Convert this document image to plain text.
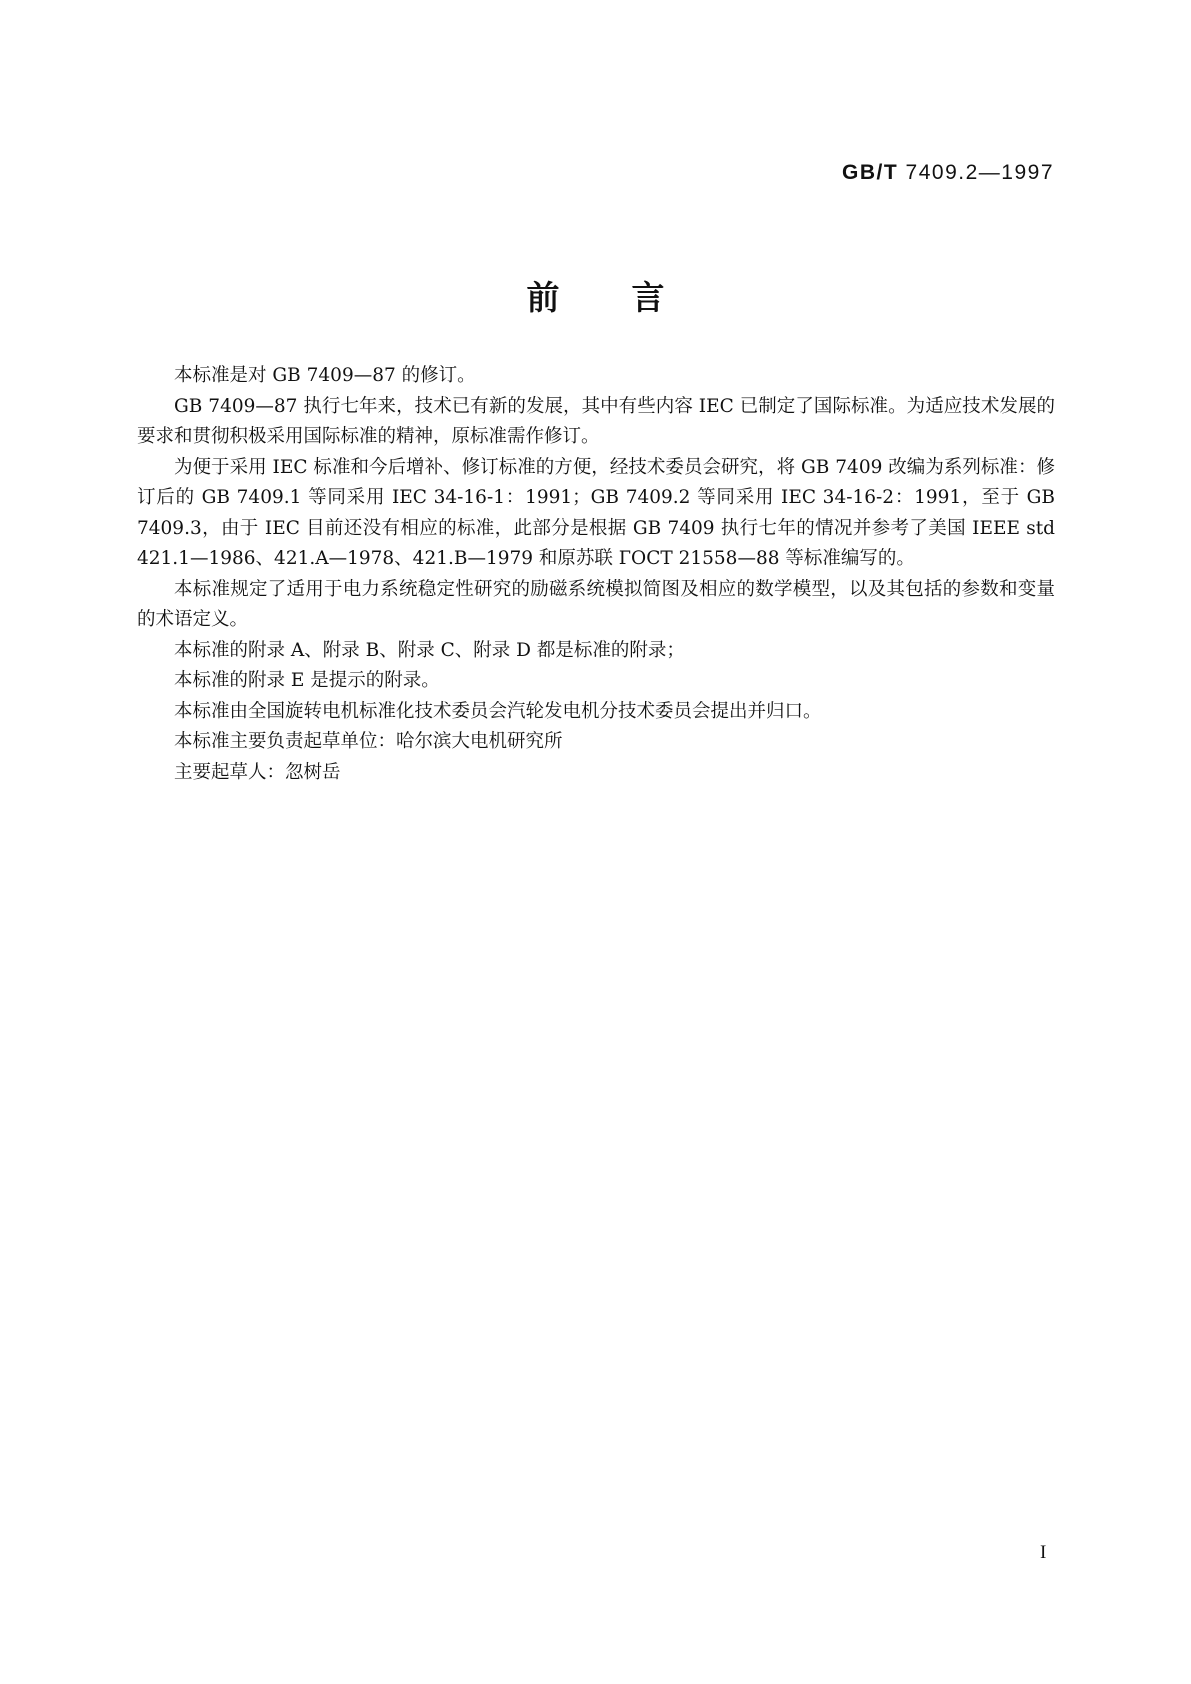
GB/T 7409.2—1997
前言

本标准是对 GB 7409—87 的修订。

GB 7409—87 执行七年来，技术已有新的发展，其中有些内容 IEC 已制定了国际标准。为适应技术发展的要求和贯彻积极采用国际标准的精神，原标准需作修订。

为便于采用 IEC 标准和今后增补、修订标准的方便，经技术委员会研究，将 GB 7409 改编为系列标准：修订后的 GB 7409.1 等同采用 IEC 34-16-1：1991；GB 7409.2 等同采用 IEC 34-16-2：1991，至于 GB 7409.3，由于 IEC 目前还没有相应的标准，此部分是根据 GB 7409 执行七年的情况并参考了美国 IEEE std 421.1—1986、421.A—1978、421.B—1979 和原苏联 ГОСТ 21558—88 等标准编写的。

本标准规定了适用于电力系统稳定性研究的励磁系统模拟简图及相应的数学模型，以及其包括的参数和变量的术语定义。

本标准的附录 A、附录 B、附录 C、附录 D 都是标准的附录；

本标准的附录 E 是提示的附录。

本标准由全国旋转电机标准化技术委员会汽轮发电机分技术委员会提出并归口。

本标准主要负责起草单位：哈尔滨大电机研究所

主要起草人：忽树岳

I
